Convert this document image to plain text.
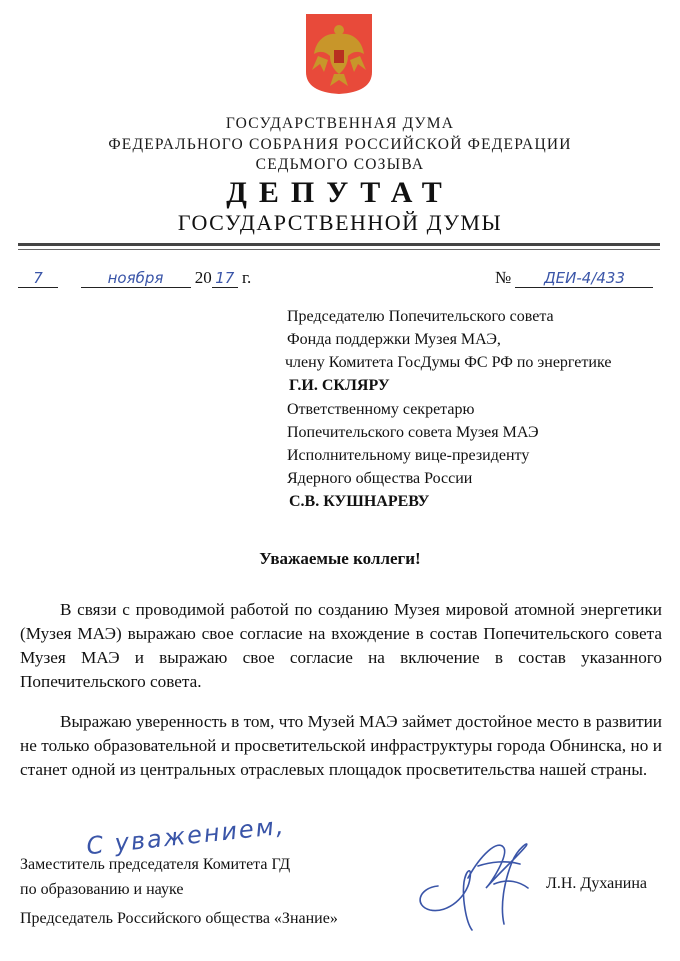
ГОСУДАРСТВЕННАЯ ДУМА
ФЕДЕРАЛЬНОГО СОБРАНИЯ РОССИЙСКОЙ ФЕДЕРАЦИИ
СЕДЬМОГО СОЗЫВА
ДЕПУТАТ
ГОСУДАРСТВЕННОЙ ДУМЫ
7	ноября 20 17 г.	№ ДЕИ-4/433
Председателю Попечительского совета
Фонда поддержки Музея МАЭ,
члену Комитета ГосДумы ФС РФ по энергетике
Г.И. СКЛЯРУ
Ответственному секретарю
Попечительского совета Музея МАЭ
Исполнительному вице-президенту
Ядерного общества России
С.В. КУШНАРЕВУ
Уважаемые коллеги!
В связи с проводимой работой по созданию Музея мировой атомной энергетики (Музея МАЭ) выражаю свое согласие на вхождение в состав Попечительского совета Музея МАЭ и выражаю свое согласие на включение в состав указанного Попечительского совета.
Выражаю уверенность в том, что Музей МАЭ займет достойное место в развитии не только образовательной и просветительской инфраструктуры города Обнинска, но и станет одной из центральных отраслевых площадок просветительства нашей страны.
С уважением,
Заместитель председателя Комитета ГД
по образованию и науке
Председатель Российского общества «Знание»
Л.Н. Духанина
